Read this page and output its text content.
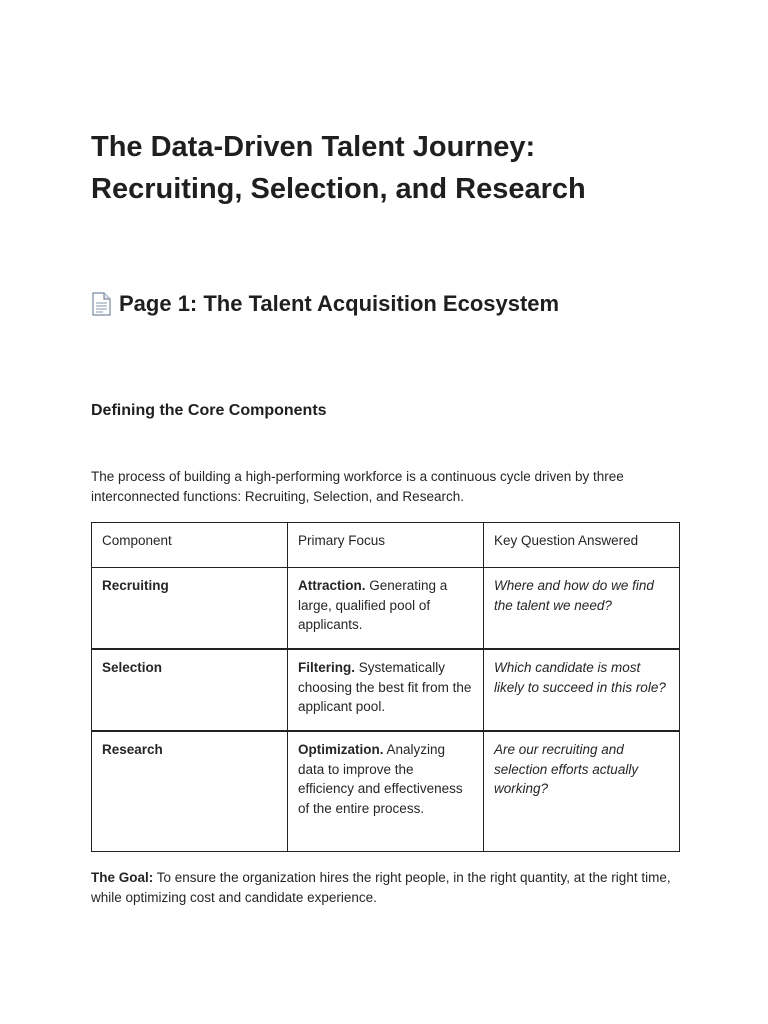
The Data-Driven Talent Journey:
Recruiting, Selection, and Research
Page 1: The Talent Acquisition Ecosystem
Defining the Core Components

The process of building a high-performing workforce is a continuous cycle driven by three
interconnected functions: Recruiting, Selection, and Research.

Component	Primary Focus	Key Question Answered
Recruiting	Attraction. Generating a large, qualified pool of applicants.	Where and how do we find the talent we need?
Selection	Filtering. Systematically choosing the best fit from the applicant pool.	Which candidate is most likely to succeed in this role?
Research	Optimization. Analyzing data to improve the efficiency and effectiveness of the entire process.	Are our recruiting and selection efforts actually working?

The Goal: To ensure the organization hires the right people, in the right quantity, at the right time, while optimizing cost and candidate experience.
